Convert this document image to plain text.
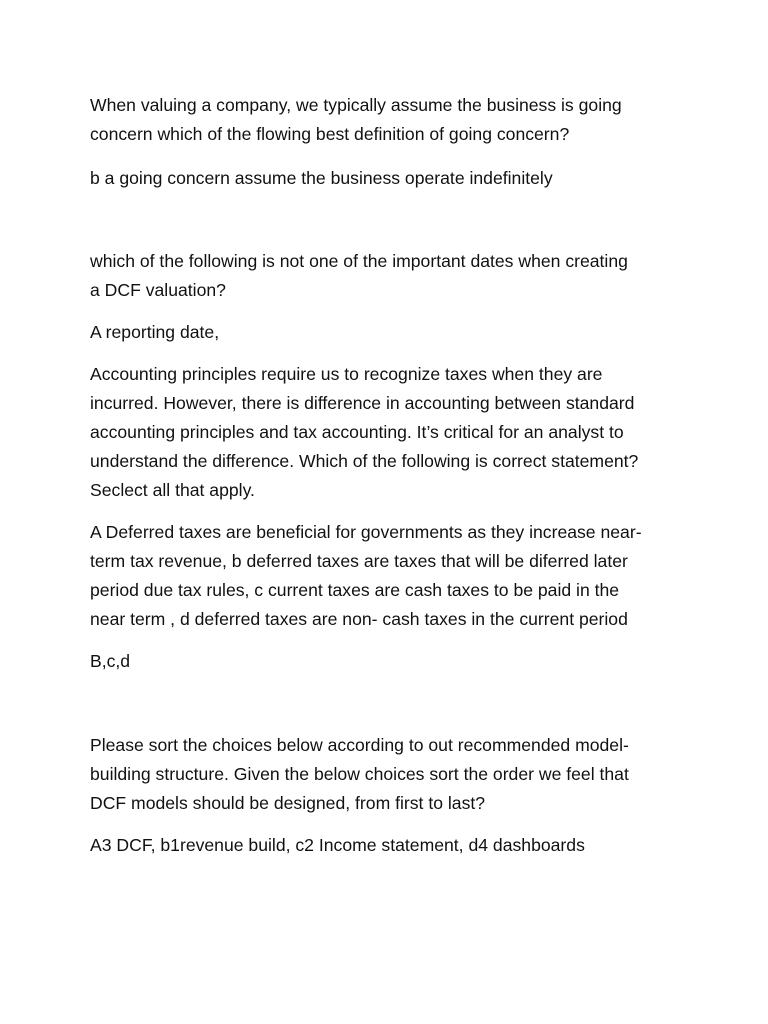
When valuing a company, we typically assume the business is going
concern which of the flowing best definition of going concern?

b a going concern assume the business operate indefinitely

which of the following is not one of the important dates when creating
a DCF valuation?

A reporting date,

Accounting principles require us to recognize taxes when they are
incurred. However, there is difference in accounting between standard
accounting principles and tax accounting. It’s critical for an analyst to
understand the difference. Which of the following is correct statement?
Seclect all that apply.

A Deferred taxes are beneficial for governments as they increase near-
term tax revenue, b deferred taxes are taxes that will be diferred later
period due tax rules, c current taxes are cash taxes to be paid in the
near term , d deferred taxes are non- cash taxes in the current period

B,c,d

Please sort the choices below according to out recommended model-
building structure. Given the below choices sort the order we feel that
DCF models should be designed, from first to last?

A3 DCF, b1revenue build, c2 Income statement, d4 dashboards
